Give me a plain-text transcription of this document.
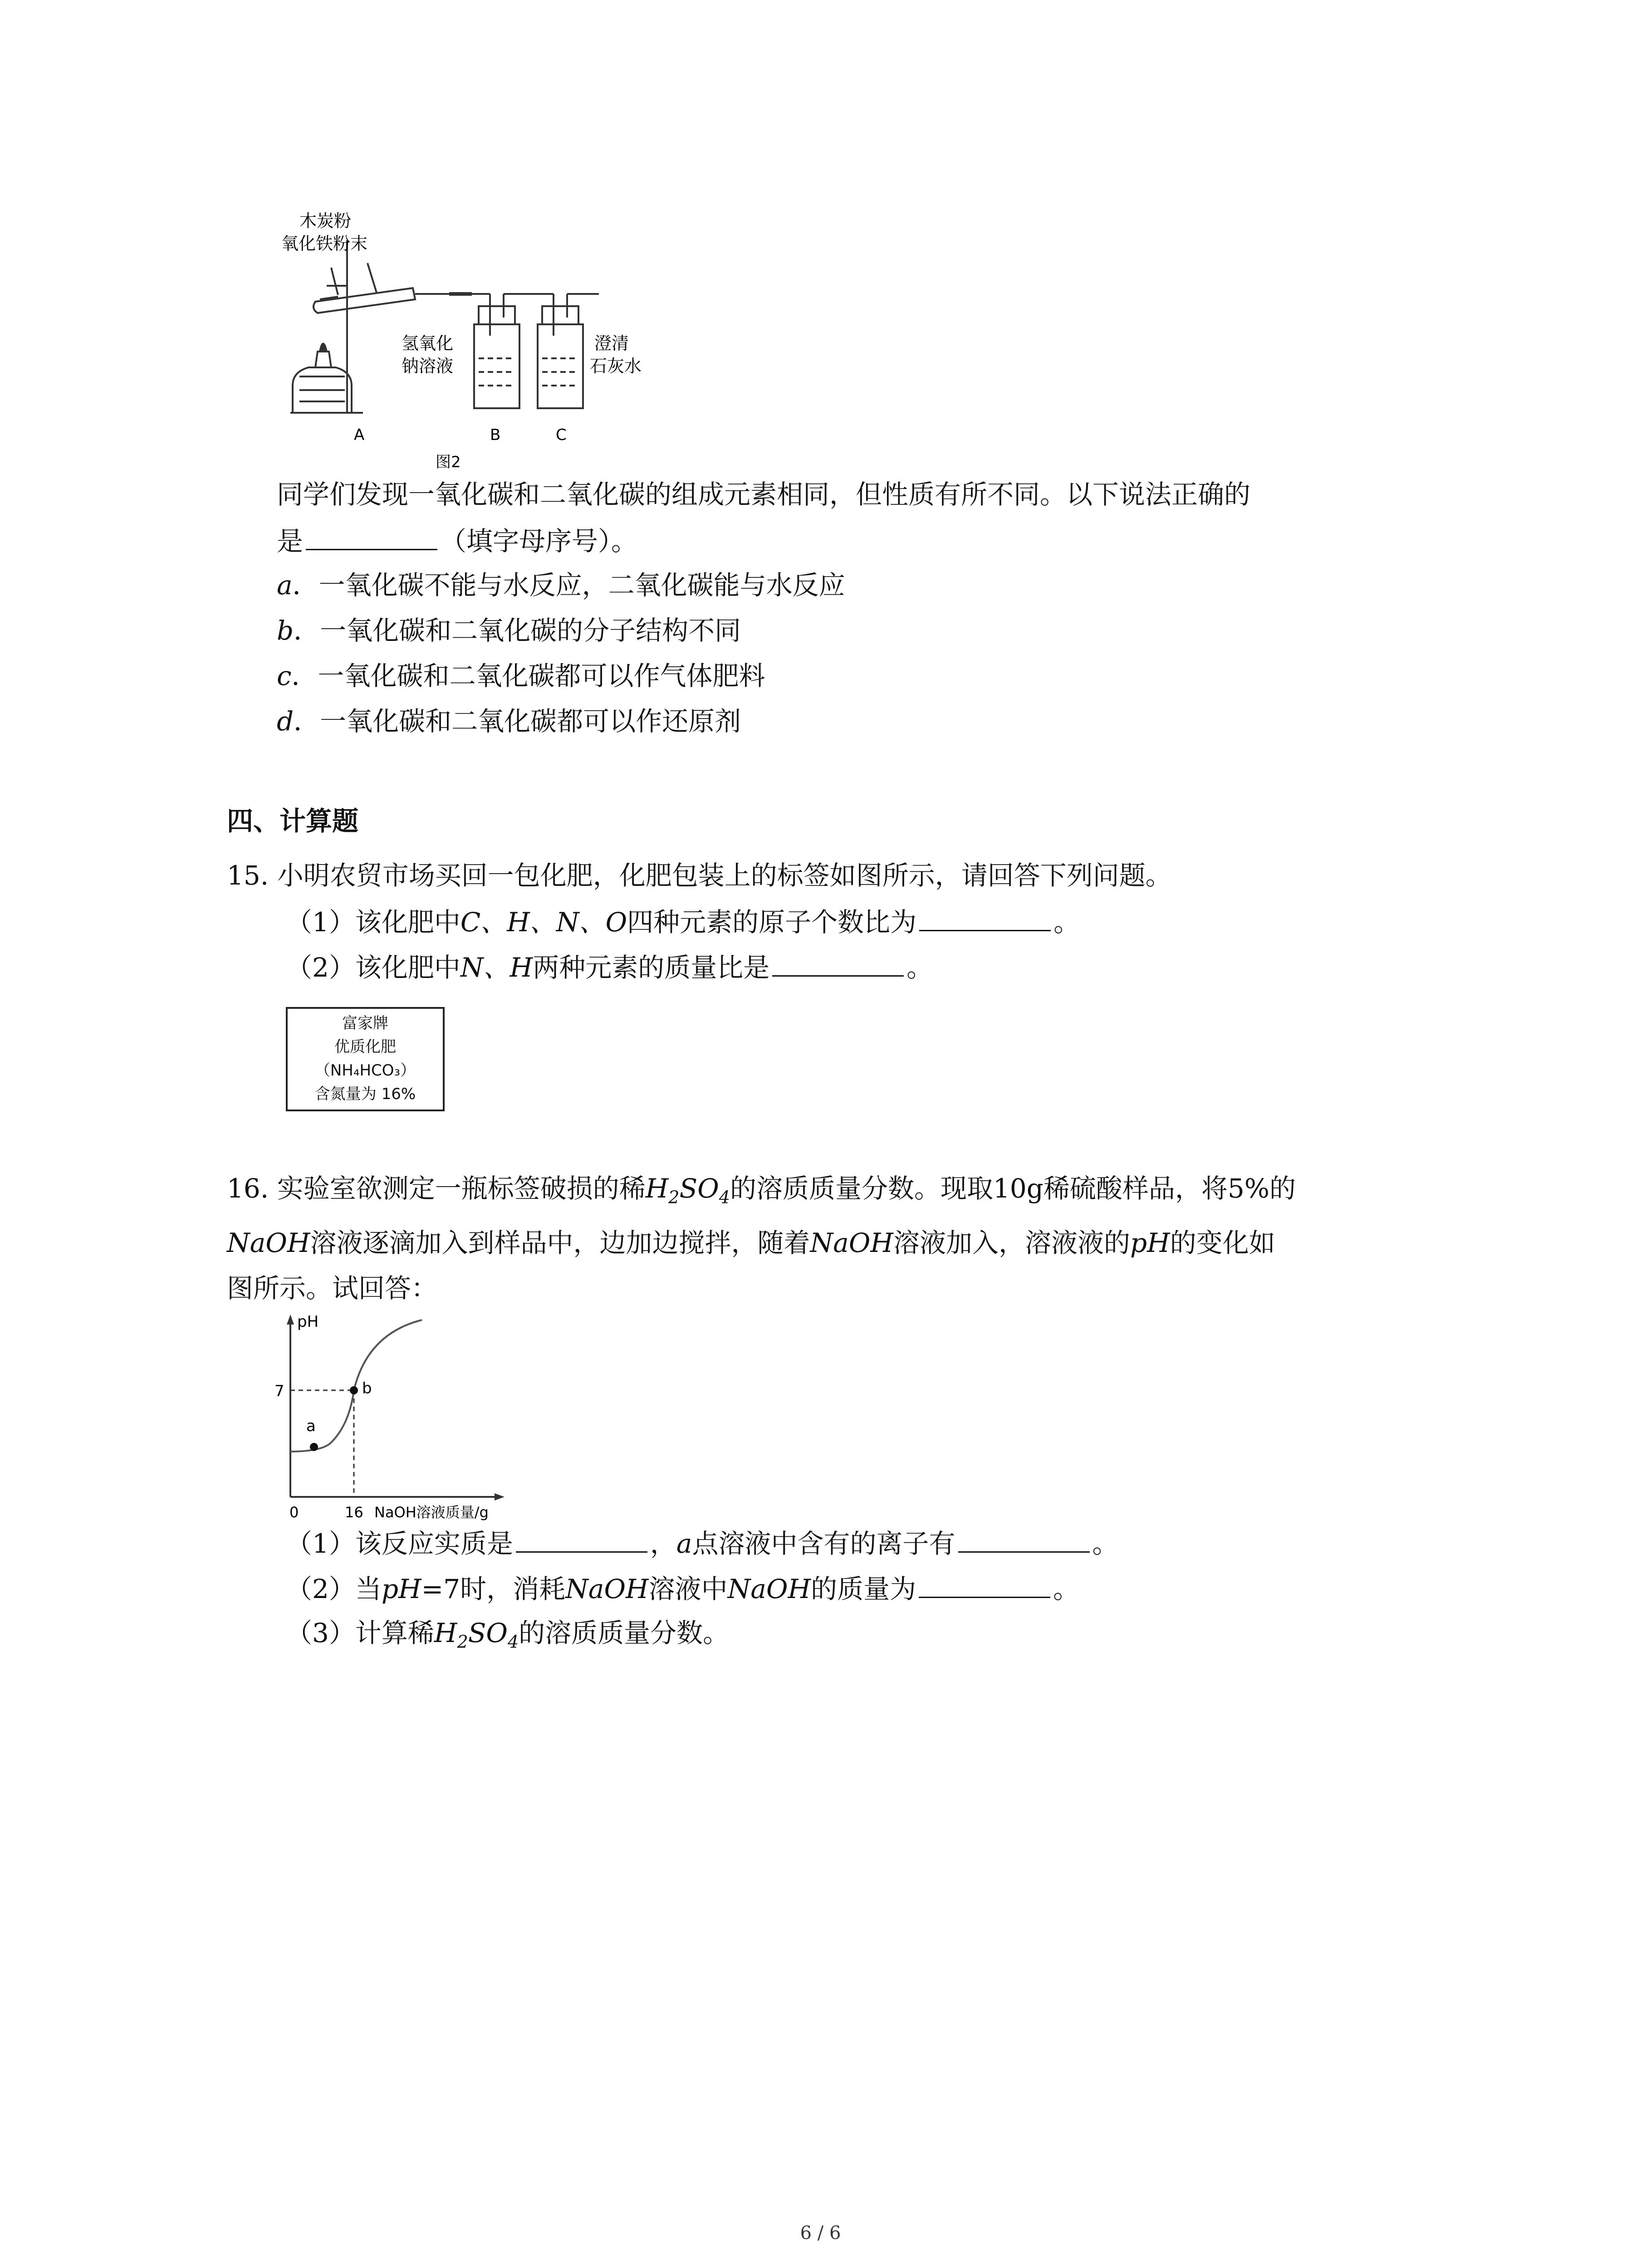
木炭粉
氧化铁粉末
氢氧化
钠溶液
澄清
石灰水
A	B	C
图2
同学们发现一氧化碳和二氧化碳的组成元素相同，但性质有所不同。以下说法正确的
是	（填字母序号）。
a．一氧化碳不能与水反应，二氧化碳能与水反应
b．一氧化碳和二氧化碳的分子结构不同
c．一氧化碳和二氧化碳都可以作气体肥料
d．一氧化碳和二氧化碳都可以作还原剂
四、计算题
15. 小明农贸市场买回一包化肥，化肥包装上的标签如图所示，请回答下列问题。
（1）该化肥中C、H、N、O四种元素的原子个数比为	。
（2）该化肥中N、H两种元素的质量比是	。
富家牌
优质化肥
（NH₄HCO₃）
含氮量为 16%
16. 实验室欲测定一瓶标签破损的稀$H_2SO_4$的溶质质量分数。现取10g稀硫酸样品，将5%的
NaOH溶液逐滴加入到样品中，边加边搅拌，随着NaOH溶液加入，溶液液的pH的变化如
图所示。试回答：
pH
7
a
b
0	16 NaOH溶液质量/g
（1）该反应实质是	，a点溶液中含有的离子有	。
（2）当pH=7时，消耗NaOH溶液中NaOH的质量为	。
（3）计算稀$H_2SO_4$的溶质质量分数。
6 / 6
